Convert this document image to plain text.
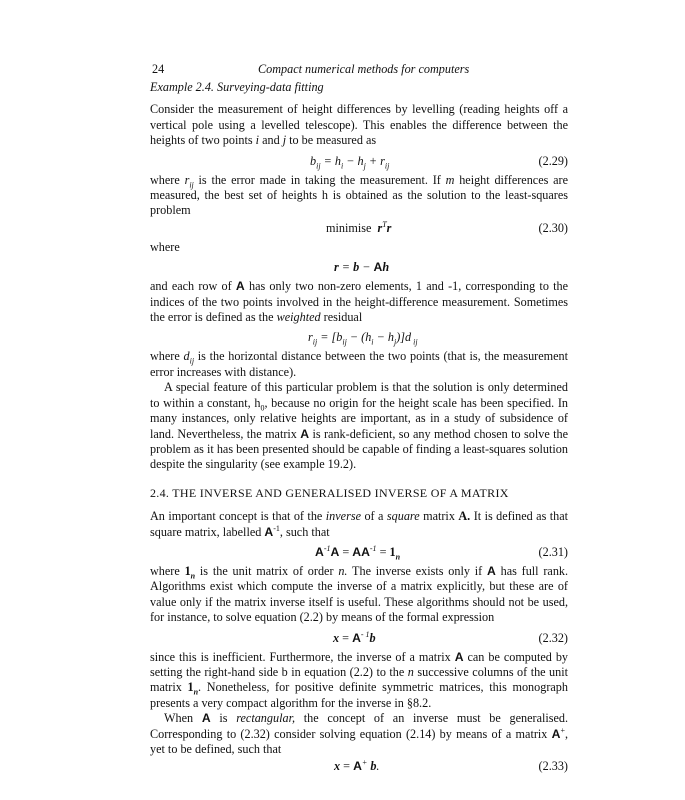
24	Compact numerical methods for computers
Example 2.4. Surveying-data fitting

Consider the measurement of height differences by levelling (reading heights off a vertical pole using a levelled telescope). This enables the difference between the heights of two points i and j to be measured as

$b_{ij} = h_i - h_j + r_{ij}$	(2.29)

where $r_{ij}$ is the error made in taking the measurement. If m height differences are measured, the best set of heights h is obtained as the solution to the least-squares problem

minimise $r^Tr$	(2.30)
where
r = b − Ah

and each row of A has only two non-zero elements, 1 and -1, corresponding to the indices of the two points involved in the height-difference measurement. Sometimes the error is defined as the weighted residual

$r_{ij} = [b_{ij} - (h_i - h_j)]d$ $_{ij}$

where $d_{ij}$ is the horizontal distance between the two points (that is, the measurement error increases with distance).

A special feature of this particular problem is that the solution is only determined to within a constant, $h_0$, because no origin for the height scale has been specified. In many instances, only relative heights are important, as in a study of subsidence of land. Nevertheless, the matrix A is rank-deficient, so any method chosen to solve the problem as it has been presented should be capable of finding a least-squares solution despite the singularity (see example 19.2).

2.4. THE INVERSE AND GENERALISED INVERSE OF A MATRIX

An important concept is that of the inverse of a square matrix A. It is defined as that square matrix, labelled $A^{-1}$, such that

$A^{-1}A = AA^{-1} = 1_n$	(2.31)

where $1_n$ is the unit matrix of order n. The inverse exists only if A has full rank. Algorithms exist which compute the inverse of a matrix explicitly, but these are of value only if the matrix inverse itself is useful. These algorithms should not be used, for instance, to solve equation (2.2) by means of the formal expression

$x = A^{- 1}b$	(2.32)

since this is inefficient. Furthermore, the inverse of a matrix A can be computed by setting the right-hand side b in equation (2.2) to the n successive columns of the unit matrix $1_n$. Nonetheless, for positive definite symmetric matrices, this monograph presents a very compact algorithm for the inverse in §8.2.

When A is rectangular, the concept of an inverse must be generalised. Corresponding to (2.32) consider solving equation (2.14) by means of a matrix A+, yet to be defined, such that

x = A+ b.	(2.33)
